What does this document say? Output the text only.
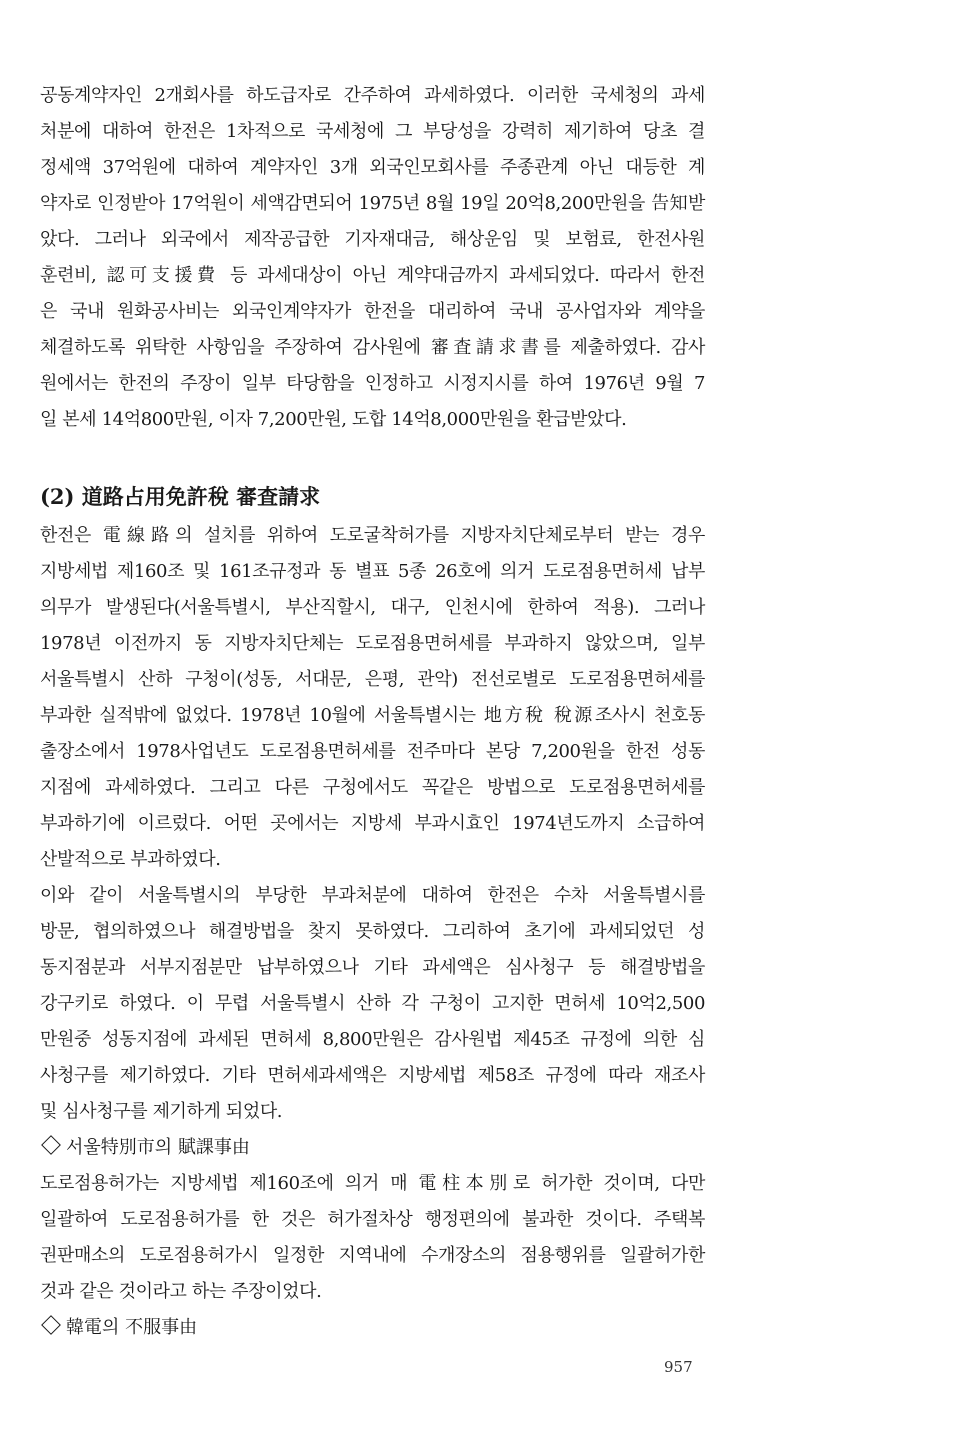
공동계약자인 2개회사를 하도급자로 간주하여 과세하였다. 이러한 국세청의 과세
처분에 대하여 한전은 1차적으로 국세청에 그 부당성을 강력히 제기하여 당초 결
정세액 37억원에 대하여 계약자인 3개 외국인모회사를 주종관계 아닌 대등한 계
약자로 인정받아 17억원이 세액감면되어 1975년 8월 19일 20억8,200만원을 告知받
았다. 그러나 외국에서 제작공급한 기자재대금, 해상운임 및 보험료, 한전사원
훈련비, 認可支援費 등 과세대상이 아닌 계약대금까지 과세되었다. 따라서 한전
은 국내 원화공사비는 외국인계약자가 한전을 대리하여 국내 공사업자와 계약을
체결하도록 위탁한 사항임을 주장하여 감사원에 審査請求書를 제출하였다. 감사
원에서는 한전의 주장이 일부 타당함을 인정하고 시정지시를 하여 1976년 9월 7
일 본세 14억800만원, 이자 7,200만원, 도합 14억8,000만원을 환급받았다.
(2) 道路占用免許稅 審査請求
한전은 電線路의 설치를 위하여 도로굴착허가를 지방자치단체로부터 받는 경우
지방세법 제160조 및 161조규정과 동 별표 5종 26호에 의거 도로점용면허세 납부
의무가 발생된다(서울특별시, 부산직할시, 대구, 인천시에 한하여 적용). 그러나
1978년 이전까지 동 지방자치단체는 도로점용면허세를 부과하지 않았으며, 일부
서울특별시 산하 구청이(성동, 서대문, 은평, 관악) 전선로별로 도로점용면허세를
부과한 실적밖에 없었다. 1978년 10월에 서울특별시는 地方稅 稅源조사시 천호동
출장소에서 1978사업년도 도로점용면허세를 전주마다 본당 7,200원을 한전 성동
지점에 과세하였다. 그리고 다른 구청에서도 꼭같은 방법으로 도로점용면허세를
부과하기에 이르렀다. 어떤 곳에서는 지방세 부과시효인 1974년도까지 소급하여
산발적으로 부과하였다.
이와 같이 서울특별시의 부당한 부과처분에 대하여 한전은 수차 서울특별시를
방문, 협의하였으나 해결방법을 찾지 못하였다. 그리하여 초기에 과세되었던 성
동지점분과 서부지점분만 납부하였으나 기타 과세액은 심사청구 등 해결방법을
강구키로 하였다. 이 무렵 서울특별시 산하 각 구청이 고지한 면허세 10억2,500
만원중 성동지점에 과세된 면허세 8,800만원은 감사원법 제45조 규정에 의한 심
사청구를 제기하였다. 기타 면허세과세액은 지방세법 제58조 규정에 따라 재조사
및 심사청구를 제기하게 되었다.
서울特別市의 賦課事由
도로점용허가는 지방세법 제160조에 의거 매 電柱本別로 허가한 것이며, 다만
일괄하여 도로점용허가를 한 것은 허가절차상 행정편의에 불과한 것이다. 주택복
권판매소의 도로점용허가시 일정한 지역내에 수개장소의 점용행위를 일괄허가한
것과 같은 것이라고 하는 주장이었다.
韓電의 不服事由
957
